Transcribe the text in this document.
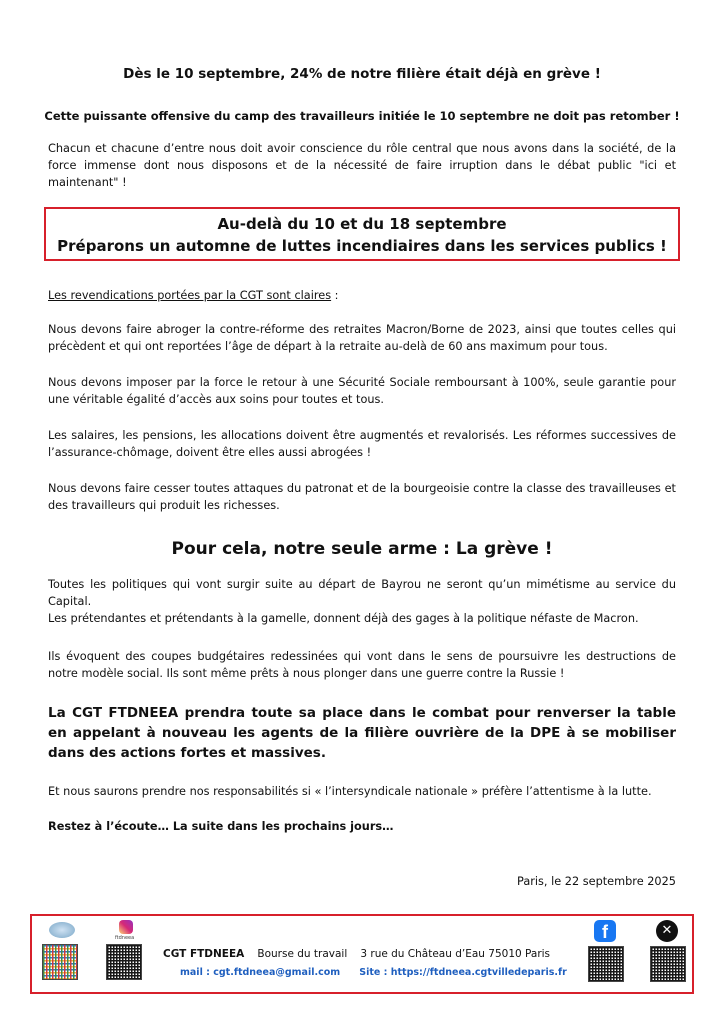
Dès le 10 septembre, 24% de notre filière était déjà en grève !
Cette puissante offensive du camp des travailleurs initiée le 10 septembre ne doit pas retomber !

Chacun et chacune d’entre nous doit avoir conscience du rôle central que nous avons dans la société, de la force immense dont nous disposons et de la nécessité de faire irruption dans le débat public "ici et maintenant" !

Au-delà du 10 et du 18 septembre
Préparons un automne de luttes incendiaires dans les services publics !
Les revendications portées par la CGT sont claires :

Nous devons faire abroger la contre-réforme des retraites Macron/Borne de 2023, ainsi que toutes celles qui précèdent et qui ont reportées l’âge de départ à la retraite au-delà de 60 ans maximum pour tous.

Nous devons imposer par la force le retour à une Sécurité Sociale remboursant à 100%, seule garantie pour une véritable égalité d’accès aux soins pour toutes et tous.

Les salaires, les pensions, les allocations doivent être augmentés et revalorisés. Les réformes successives de l’assurance-chômage, doivent être elles aussi abrogées !

Nous devons faire cesser toutes attaques du patronat et de la bourgeoisie contre la classe des travailleuses et des travailleurs qui produit les richesses.

Pour cela, notre seule arme : La grève !

Toutes les politiques qui vont surgir suite au départ de Bayrou ne seront qu’un mimétisme au service du Capital.

Les prétendantes et prétendants à la gamelle, donnent déjà des gages à la politique néfaste de Macron.

Ils évoquent des coupes budgétaires redessinées qui vont dans le sens de poursuivre les destructions de notre modèle social. Ils sont même prêts à nous plonger dans une guerre contre la Russie !

La CGT FTDNEEA prendra toute sa place dans le combat pour renverser la table en appelant à nouveau les agents de la filière ouvrière de la DPE à se mobiliser dans des actions fortes et massives.

Et nous saurons prendre nos responsabilités si « l’intersyndicale nationale » préfère l’attentisme à la lutte.

Restez à l’écoute… La suite dans les prochains jours…
Paris, le 22 septembre 2025
ftdneea
CGT FTDNEEA Bourse du travail 3 rue du Château d’Eau 75010 Paris
mail : cgt.ftdneea@gmail.com Site : https://ftdneea.cgtvilledeparis.fr
f	✕
